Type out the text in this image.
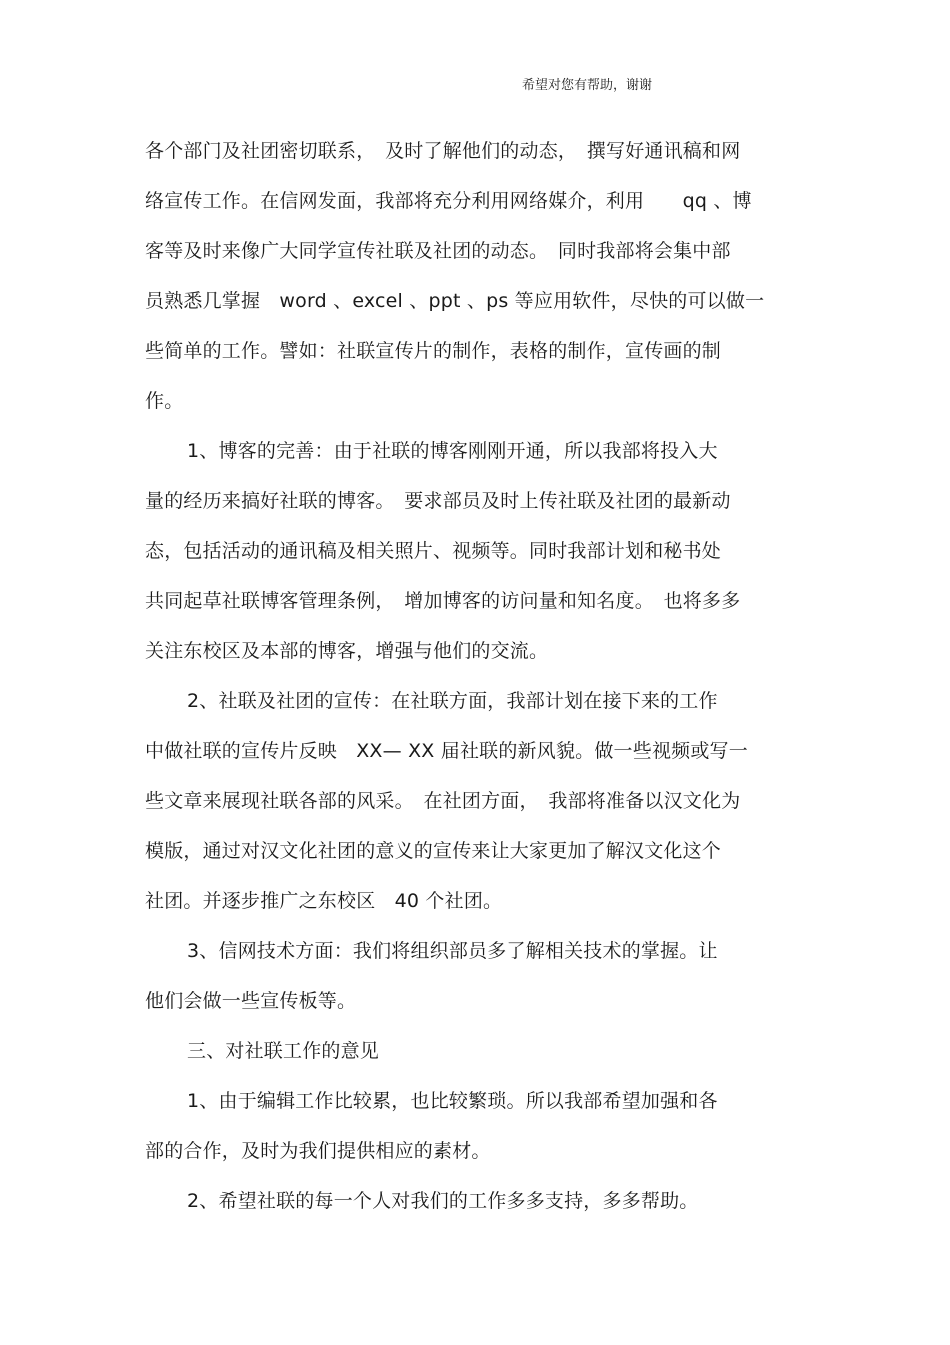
希望对您有帮助，谢谢

各个部门及社团密切联系，　及时了解他们的动态，　撰写好通讯稿和网
络宣传工作。在信网发面，我部将充分利用网络媒介，利用　　qq 、博
客等及时来像广大同学宣传社联及社团的动态。　同时我部将会集中部
员熟悉几掌握　word 、excel 、ppt 、ps 等应用软件，尽快的可以做一
些简单的工作。譬如：社联宣传片的制作，表格的制作，宣传画的制
作。

1、博客的完善：由于社联的博客刚刚开通，所以我部将投入大
量的经历来搞好社联的博客。　要求部员及时上传社联及社团的最新动
态，包括活动的通讯稿及相关照片、视频等。同时我部计划和秘书处
共同起草社联博客管理条例，　增加博客的访问量和知名度。　也将多多
关注东校区及本部的博客，增强与他们的交流。

2、社联及社团的宣传：在社联方面，我部计划在接下来的工作
中做社联的宣传片反映　XX— XX 届社联的新风貌。做一些视频或写一
些文章来展现社联各部的风采。　在社团方面，　我部将准备以汉文化为
模版，通过对汉文化社团的意义的宣传来让大家更加了解汉文化这个
社团。并逐步推广之东校区　40 个社团。

3、信网技术方面：我们将组织部员多了解相关技术的掌握。让
他们会做一些宣传板等。

三、对社联工作的意见

1、由于编辑工作比较累，也比较繁琐。所以我部希望加强和各
部的合作，及时为我们提供相应的素材。

2、希望社联的每一个人对我们的工作多多支持，多多帮助。
